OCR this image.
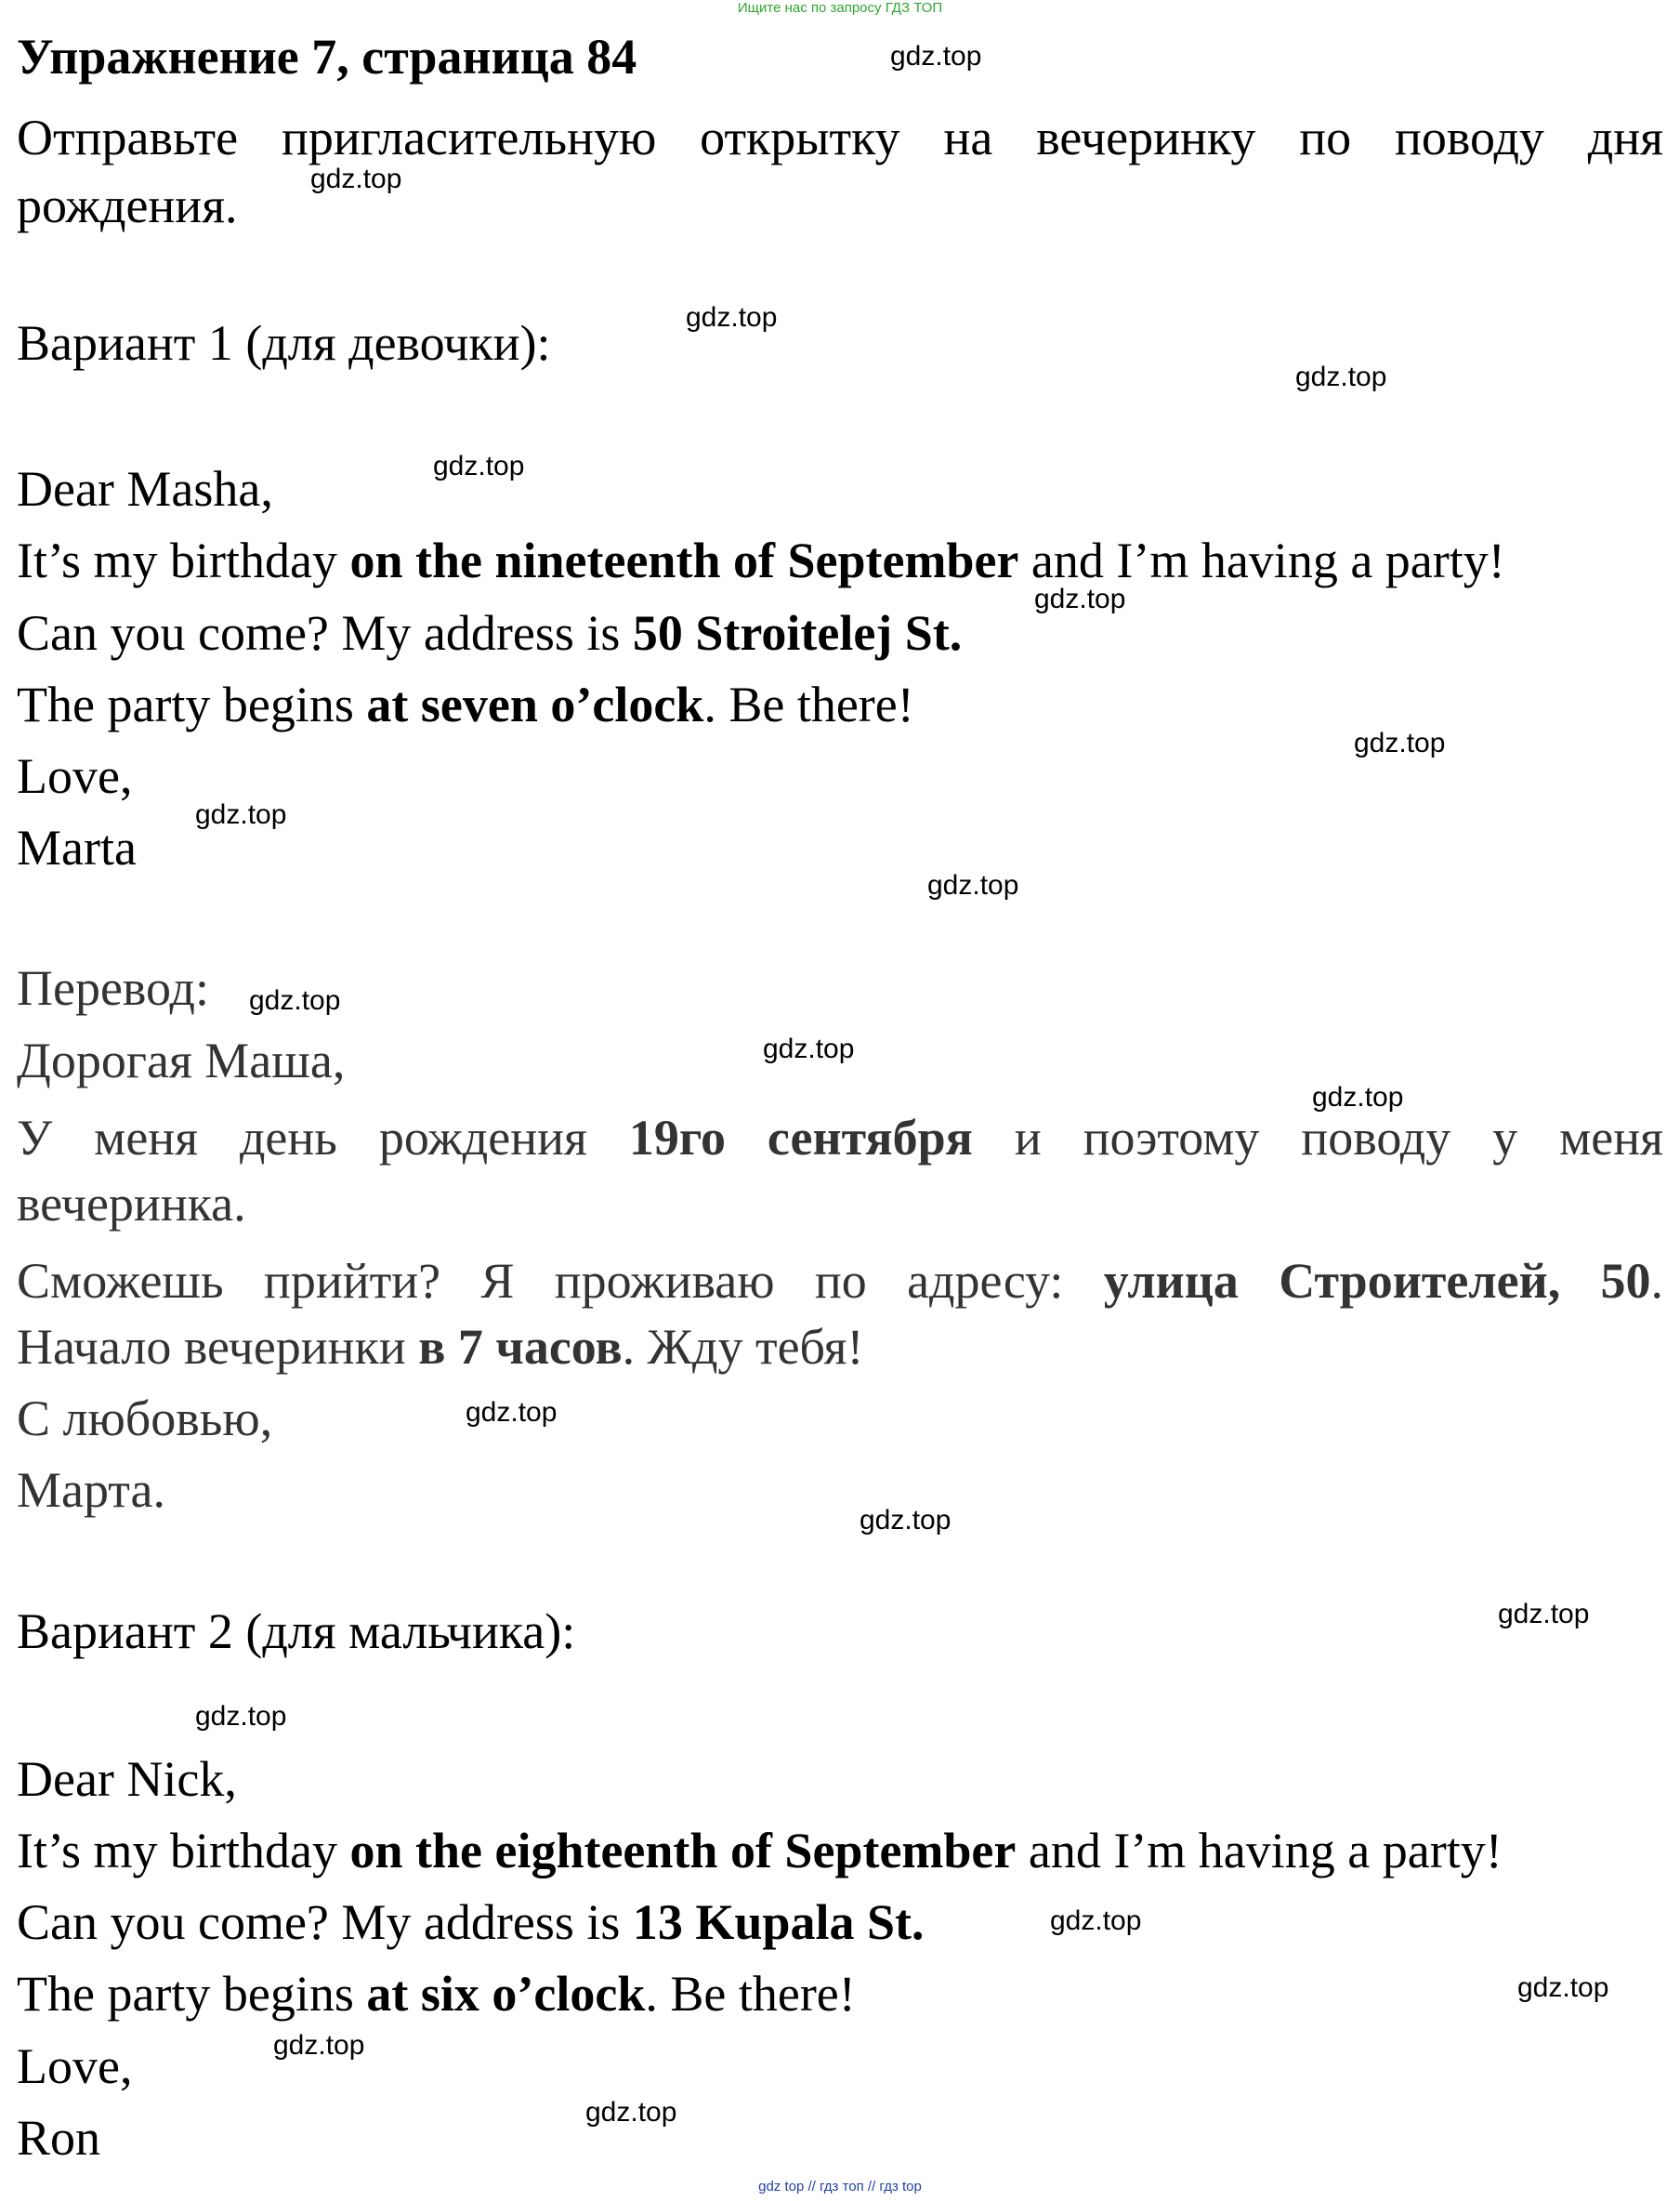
Ищите нас по запросу ГДЗ ТОП
Упражнение 7, страница 84
Отправьте пригласительную открытку на вечеринку по поводу дня
рождения.
Вариант 1 (для девочки):
Dear Masha,
It’s my birthday on the nineteenth of September and I’m having a party!
Can you come? My address is 50 Stroitelej St.
The party begins at seven o’clock. Be there!
Love,
Marta
Перевод:
Дорогая Маша,
У меня день рождения 19го сентября и поэтому поводу у меня
вечеринка.
Сможешь прийти? Я проживаю по адресу: улица Строителей, 50.
Начало вечеринки в 7 часов. Жду тебя!
С любовью,
Марта.
Вариант 2 (для мальчика):
Dear Nick,
It’s my birthday on the eighteenth of September and I’m having a party!
Can you come? My address is 13 Kupala St.
The party begins at six o’clock. Be there!
Love,
Ron
gdz.top
gdz.top
gdz.top
gdz.top
gdz.top
gdz.top
gdz.top
gdz.top
gdz.top
gdz.top
gdz.top
gdz.top
gdz.top
gdz.top
gdz.top
gdz.top
gdz.top
gdz.top
gdz.top
gdz.top
gdz top // гдз топ // гдз top
